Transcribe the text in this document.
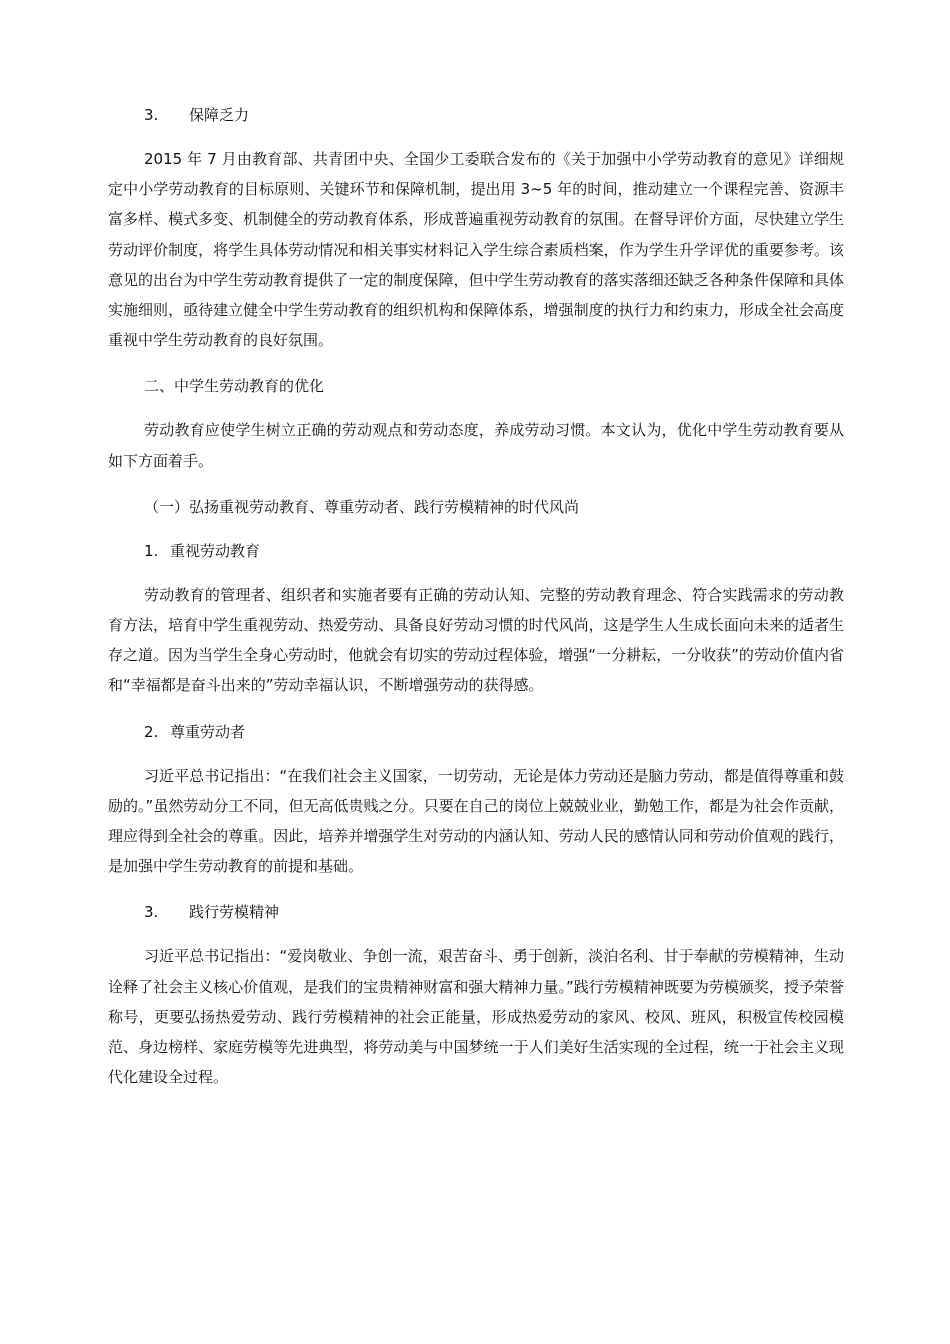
3. 保障乏力

2015 年 7 月由教育部、共青团中央、全国少工委联合发布的《关于加强中小学劳动教育的意见》详细规定中小学劳动教育的目标原则、关键环节和保障机制，提出用 3~5 年的时间，推动建立一个课程完善、资源丰富多样、模式多变、机制健全的劳动教育体系，形成普遍重视劳动教育的氛围。在督导评价方面，尽快建立学生劳动评价制度，将学生具体劳动情况和相关事实材料记入学生综合素质档案，作为学生升学评优的重要参考。该意见的出台为中学生劳动教育提供了一定的制度保障，但中学生劳动教育的落实落细还缺乏各种条件保障和具体实施细则，亟待建立健全中学生劳动教育的组织机构和保障体系，增强制度的执行力和约束力，形成全社会高度重视中学生劳动教育的良好氛围。

二、中学生劳动教育的优化

劳动教育应使学生树立正确的劳动观点和劳动态度，养成劳动习惯。本文认为，优化中学生劳动教育要从如下方面着手。

（一）弘扬重视劳动教育、尊重劳动者、践行劳模精神的时代风尚
1. 重视劳动教育

劳动教育的管理者、组织者和实施者要有正确的劳动认知、完整的劳动教育理念、符合实践需求的劳动教育方法，培育中学生重视劳动、热爱劳动、具备良好劳动习惯的时代风尚，这是学生人生成长面向未来的适者生存之道。因为当学生全身心劳动时，他就会有切实的劳动过程体验，增强“一分耕耘，一分收获”的劳动价值内省和“幸福都是奋斗出来的”劳动幸福认识，不断增强劳动的获得感。

2. 尊重劳动者

习近平总书记指出：“在我们社会主义国家，一切劳动，无论是体力劳动还是脑力劳动，都是值得尊重和鼓励的。”虽然劳动分工不同，但无高低贵贱之分。只要在自己的岗位上兢兢业业，勤勉工作，都是为社会作贡献，理应得到全社会的尊重。因此，培养并增强学生对劳动的内涵认知、劳动人民的感情认同和劳动价值观的践行，是加强中学生劳动教育的前提和基础。

3. 践行劳模精神

习近平总书记指出：“爱岗敬业、争创一流，艰苦奋斗、勇于创新，淡泊名利、甘于奉献的劳模精神，生动诠释了社会主义核心价值观，是我们的宝贵精神财富和强大精神力量。”践行劳模精神既要为劳模颁奖，授予荣誉称号，更要弘扬热爱劳动、践行劳模精神的社会正能量，形成热爱劳动的家风、校风、班风，积极宣传校园模范、身边榜样、家庭劳模等先进典型，将劳动美与中国梦统一于人们美好生活实现的全过程，统一于社会主义现代化建设全过程。
